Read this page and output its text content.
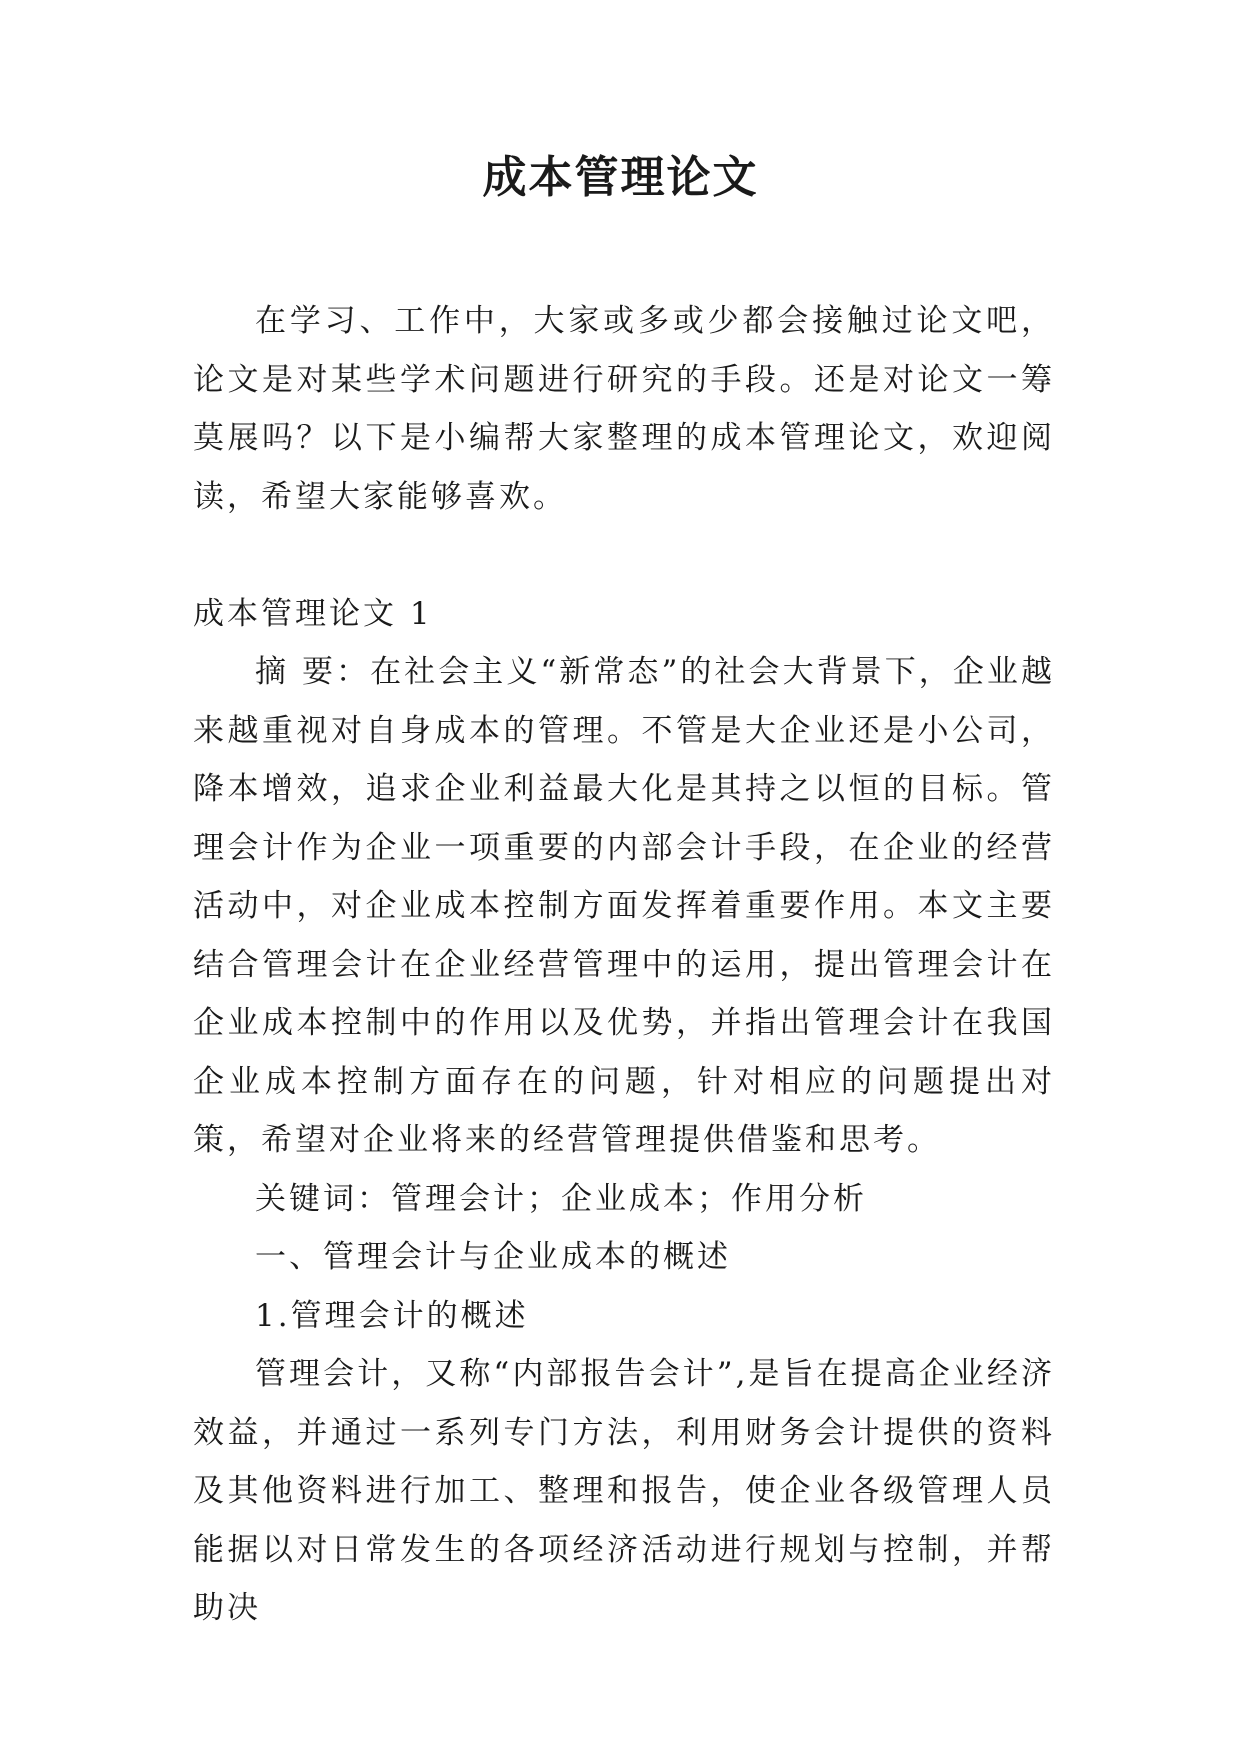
成本管理论文

在学习、工作中，大家或多或少都会接触过论文吧，论文是对某些学术问题进行研究的手段。还是对论文一筹莫展吗？以下是小编帮大家整理的成本管理论文，欢迎阅读，希望大家能够喜欢。

成本管理论文 1

摘 要：在社会主义“新常态”的社会大背景下，企业越来越重视对自身成本的管理。不管是大企业还是小公司，降本增效，追求企业利益最大化是其持之以恒的目标。管理会计作为企业一项重要的内部会计手段，在企业的经营活动中，对企业成本控制方面发挥着重要作用。本文主要结合管理会计在企业经营管理中的运用，提出管理会计在企业成本控制中的作用以及优势，并指出管理会计在我国企业成本控制方面存在的问题，针对相应的问题提出对策，希望对企业将来的经营管理提供借鉴和思考。

关键词：管理会计；企业成本；作用分析

一、管理会计与企业成本的概述

1.管理会计的概述

管理会计，又称“内部报告会计”,是旨在提高企业经济效益，并通过一系列专门方法，利用财务会计提供的资料及其他资料进行加工、整理和报告，使企业各级管理人员能据以对日常发生的各项经济活动进行规划与控制，并帮助决
